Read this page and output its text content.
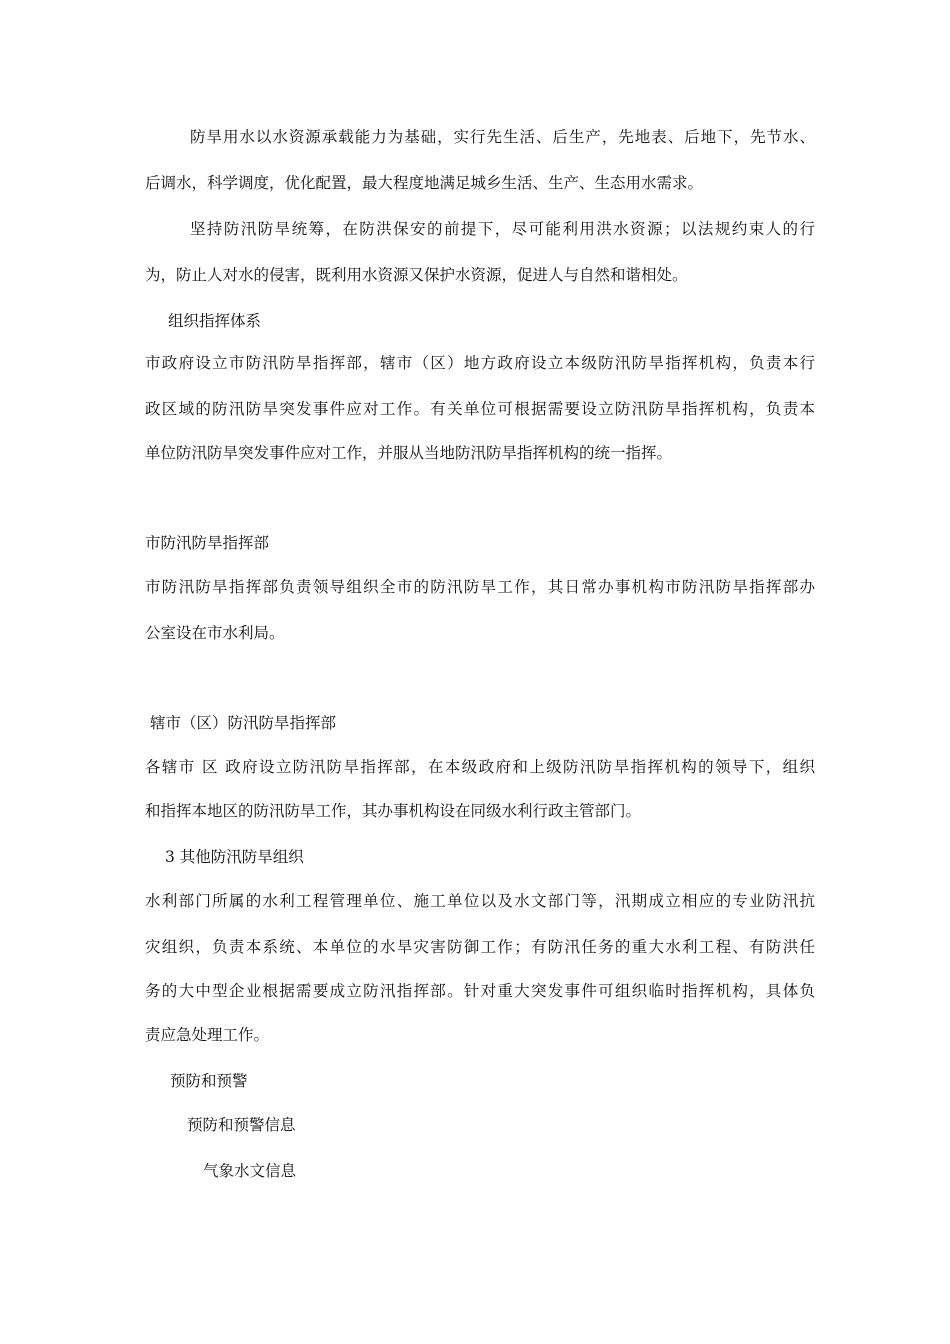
防旱用水以水资源承载能力为基础，实行先生活、后生产，先地表、后地下，先节水、
后调水，科学调度，优化配置，最大程度地满足城乡生活、生产、生态用水需求。
坚持防汛防旱统筹，在防洪保安的前提下，尽可能利用洪水资源；以法规约束人的行
为，防止人对水的侵害，既利用水资源又保护水资源，促进人与自然和谐相处。
组织指挥体系
市政府设立市防汛防旱指挥部，辖市（区）地方政府设立本级防汛防旱指挥机构，负责本行
政区域的防汛防旱突发事件应对工作。有关单位可根据需要设立防汛防旱指挥机构，负责本
单位防汛防旱突发事件应对工作，并服从当地防汛防旱指挥机构的统一指挥。
市防汛防旱指挥部
市防汛防旱指挥部负责领导组织全市的防汛防旱工作，其日常办事机构市防汛防旱指挥部办
公室设在市水利局。
辖市（区）防汛防旱指挥部
各辖市 区 政府设立防汛防旱指挥部，在本级政府和上级防汛防旱指挥机构的领导下，组织
和指挥本地区的防汛防旱工作，其办事机构设在同级水利行政主管部门。
3 其他防汛防旱组织
水利部门所属的水利工程管理单位、施工单位以及水文部门等，汛期成立相应的专业防汛抗
灾组织，负责本系统、本单位的水旱灾害防御工作；有防汛任务的重大水利工程、有防洪任
务的大中型企业根据需要成立防汛指挥部。针对重大突发事件可组织临时指挥机构，具体负
责应急处理工作。
预防和预警
预防和预警信息
气象水文信息
